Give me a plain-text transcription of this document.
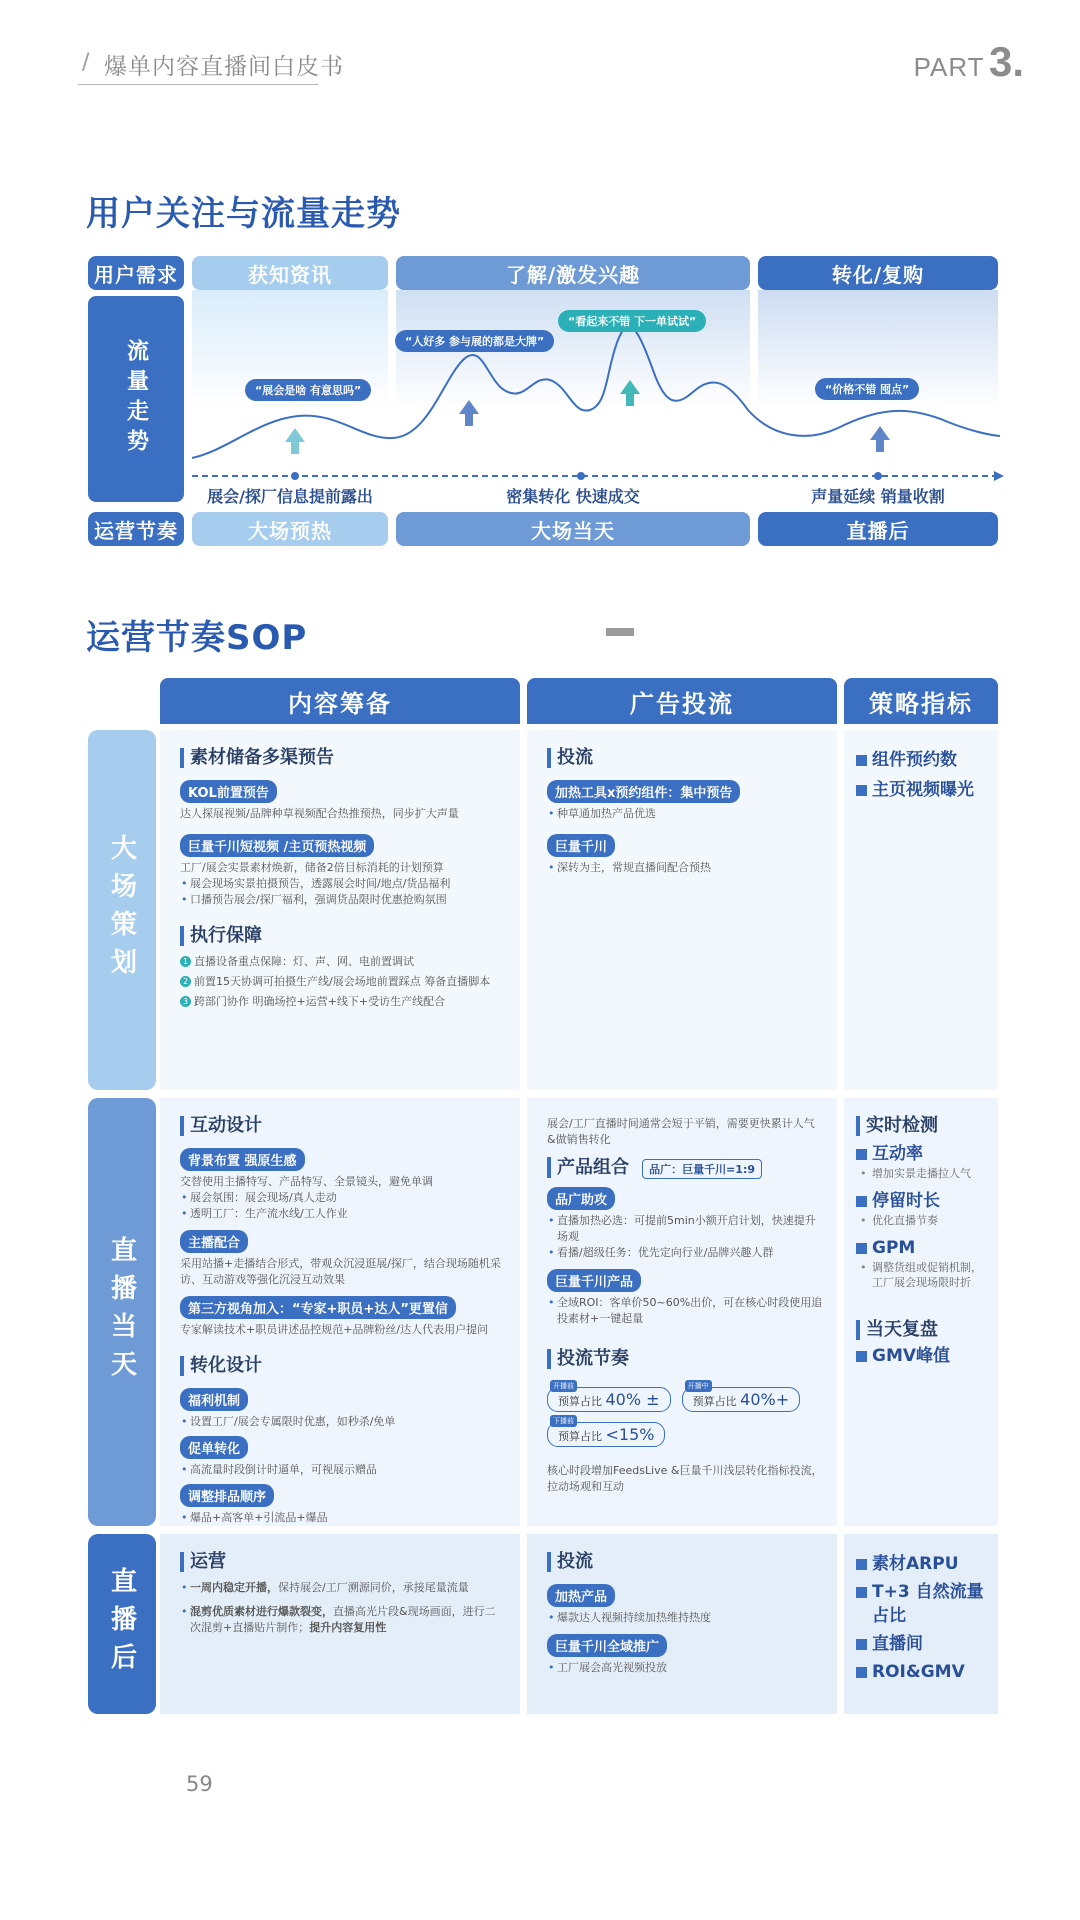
/ 爆单内容直播间白皮书	PART 3.
用户关注与流量走势
用户需求	获知资讯	了解/激发兴趣	转化/复购
流量走势	“展会是啥 有意思吗”
“人好多 参与展的都是大牌”
“看起来不错 下一单试试”
“价格不错 囤点”
展会/探厂信息提前露出	密集转化 快速成交	声量延续 销量收割
运营节奏	大场预热	大场当天	直播后
运营节奏SOP
内容筹备	广告投流	策略指标
大场策划
直播当天
直播后
素材储备多渠预告
KOL前置预告
达人探展视频/品牌种草视频配合热推预热，同步扩大声量
巨量千川短视频 /主页预热视频
工厂/展会实景素材焕新，储备2倍目标消耗的计划预算
• 展会现场实景拍摄预告，透露展会时间/地点/货品福利
• 口播预告展会/探厂福利，强调货品限时优惠抢购氛围
执行保障
1 直播设备重点保障：灯、声、网、电前置调试
2 前置15天协调可拍摄生产线/展会场地前置踩点 筹备直播脚本
3 跨部门协作 明确场控+运营+线下+受访生产线配合
投流
加热工具x预约组件：集中预告
• 种草通加热产品优选
巨量千川
• 深转为主，常规直播间配合预热
组件预约数
主页视频曝光
互动设计
背景布置 强原生感
交替使用主播特写、产品特写、全景镜头，避免单调
• 展会氛围：展会现场/真人走动
• 透明工厂：生产流水线/工人作业
主播配合
采用站播+走播结合形式，带观众沉浸逛展/探厂，结合现场随机采访、互动游戏等强化沉浸互动效果
第三方视角加入：“专家+职员+达人”更置信
专家解读技术+职员讲述品控规范+品牌粉丝/达人代表用户提问
转化设计
福利机制
• 设置工厂/展会专属限时优惠，如秒杀/免单
促单转化
• 高流量时段倒计时逼单，可视展示赠品
调整排品顺序
• 爆品+高客单+引流品+爆品
展会/工厂直播时间通常会短于平销，需要更快累计人气&做销售转化
产品组合 品广：巨量千川=1:9
品广助攻
• 直播加热必选：可提前5min小额开启计划，快速提升场观
• 看播/超级任务：优先定向行业/品牌兴趣人群
巨量千川产品
• 全域ROI：客单价50~60%出价，可在核心时段使用追投素材+一键起量
投流节奏
开播前
预算占比 40% ±
开播中
预算占比 40%+
下播前
预算占比 <15%
核心时段增加FeedsLive &巨量千川浅层转化指标投流，拉动场观和互动
实时检测
互动率
• 增加实景走播拉人气
停留时长
• 优化直播节奏
GPM
• 调整货组或促销机制，工厂展会现场限时折
当天复盘
GMV峰值
运营
• 一周内稳定开播，保持展会/工厂溯源同价，承接尾量流量
• 混剪优质素材进行爆款裂变，直播高光片段&现场画面，进行二次混剪+直播贴片制作；提升内容复用性
投流
加热产品
• 爆款达人视频持续加热维持热度
巨量千川全域推广
• 工厂展会高光视频投放
素材ARPU
T+3 自然流量占比
直播间
ROI&GMV
59
